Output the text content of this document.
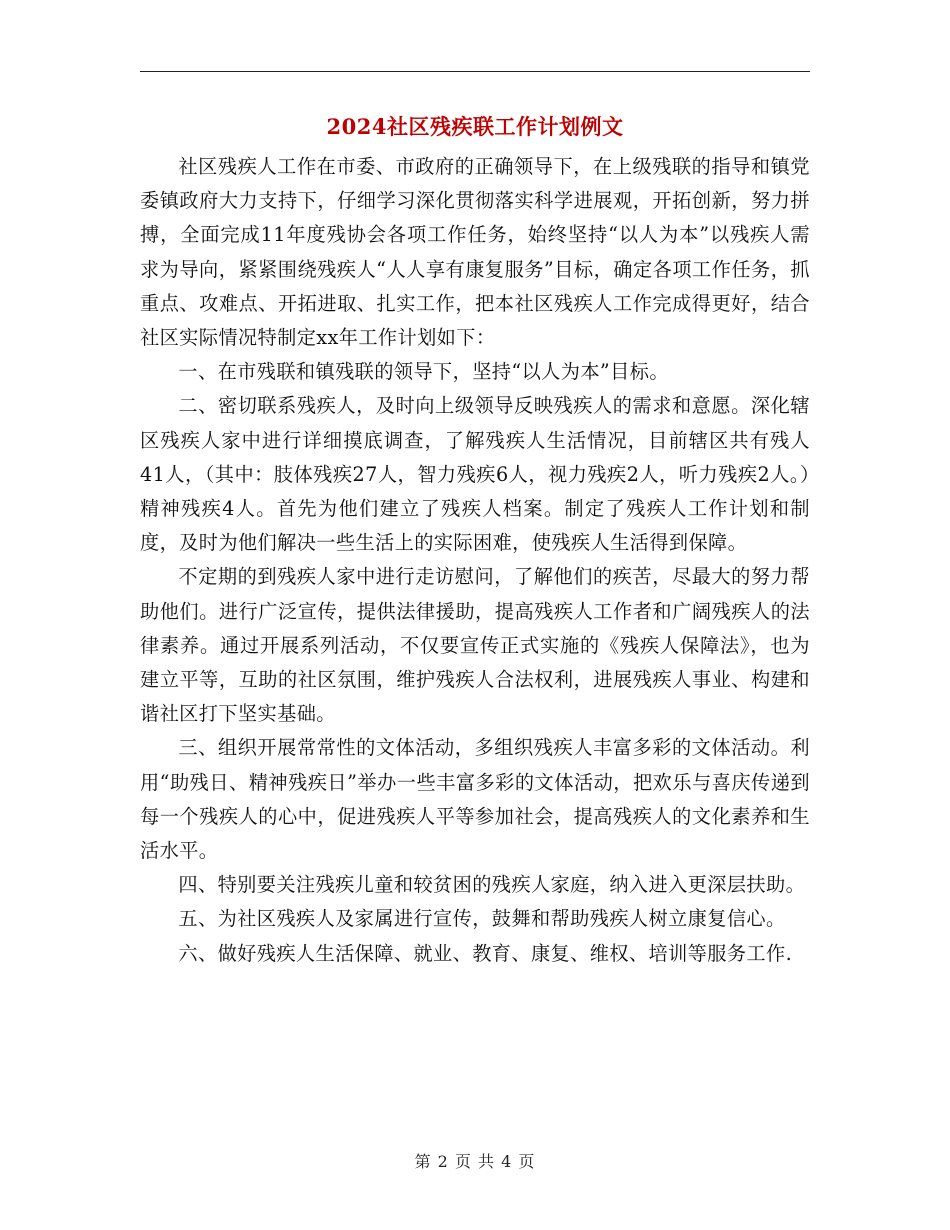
2024社区残疾联工作计划例文

社区残疾人工作在市委、市政府的正确领导下，在上级残联的指导和镇党委镇政府大力支持下，仔细学习深化贯彻落实科学进展观，开拓创新，努力拼搏，全面完成11年度残协会各项工作任务，始终坚持“以人为本”以残疾人需求为导向，紧紧围绕残疾人“人人享有康复服务”目标，确定各项工作任务，抓重点、攻难点、开拓进取、扎实工作，把本社区残疾人工作完成得更好，结合社区实际情况特制定xx年工作计划如下：

一、在市残联和镇残联的领导下，坚持“以人为本”目标。

二、密切联系残疾人，及时向上级领导反映残疾人的需求和意愿。深化辖区残疾人家中进行详细摸底调查，了解残疾人生活情况，目前辖区共有残人41人，（其中：肢体残疾27人，智力残疾6人，视力残疾2人，听力残疾2人。）精神残疾4人。首先为他们建立了残疾人档案。制定了残疾人工作计划和制度，及时为他们解决一些生活上的实际困难，使残疾人生活得到保障。

不定期的到残疾人家中进行走访慰问，了解他们的疾苦，尽最大的努力帮助他们。进行广泛宣传，提供法律援助，提高残疾人工作者和广阔残疾人的法律素养。通过开展系列活动，不仅要宣传正式实施的《残疾人保障法》，也为建立平等，互助的社区氛围，维护残疾人合法权利，进展残疾人事业、构建和谐社区打下坚实基础。

三、组织开展常常性的文体活动，多组织残疾人丰富多彩的文体活动。利用“助残日、精神残疾日”举办一些丰富多彩的文体活动，把欢乐与喜庆传递到每一个残疾人的心中，促进残疾人平等参加社会，提高残疾人的文化素养和生活水平。

四、特别要关注残疾儿童和较贫困的残疾人家庭，纳入进入更深层扶助。

五、为社区残疾人及家属进行宣传，鼓舞和帮助残疾人树立康复信心。

六、做好残疾人生活保障、就业、教育、康复、维权、培训等服务工作.

第 2 页 共 4 页
